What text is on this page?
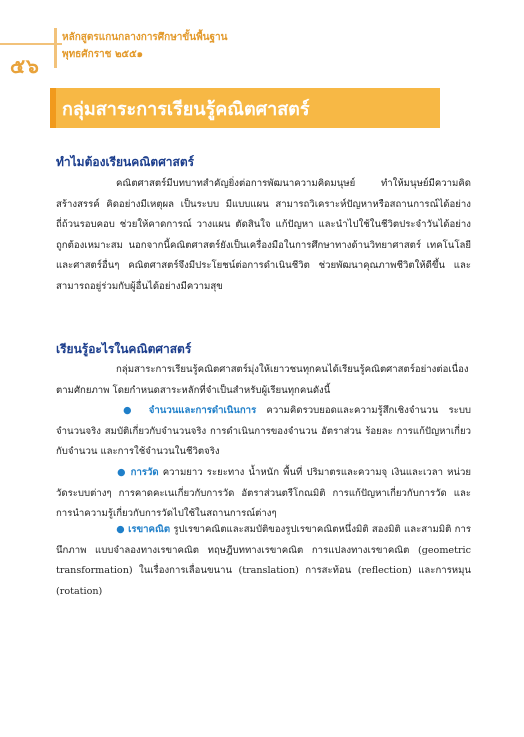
๕๖
หลักสูตรแกนกลางการศึกษาขั้นพื้นฐาน
พุทธศักราช ๒๕๕๑
กลุ่มสาระการเรียนรู้คณิตศาสตร์
ทำไมต้องเรียนคณิตศาสตร์

คณิตศาสตร์มีบทบาทสำคัญยิ่งต่อการพัฒนาความคิดมนุษย์ ทำให้มนุษย์มีความคิดสร้างสรรค์ คิดอย่างมีเหตุผล เป็นระบบ มีแบบแผน สามารถวิเคราะห์ปัญหาหรือสถานการณ์ได้อย่างถี่ถ้วนรอบคอบ ช่วยให้คาดการณ์ วางแผน ตัดสินใจ แก้ปัญหา และนำไปใช้ในชีวิตประจำวันได้อย่างถูกต้องเหมาะสม นอกจากนี้คณิตศาสตร์ยังเป็นเครื่องมือในการศึกษาทางด้านวิทยาศาสตร์ เทคโนโลยีและศาสตร์อื่นๆ คณิตศาสตร์จึงมีประโยชน์ต่อการดำเนินชีวิต ช่วยพัฒนาคุณภาพชีวิตให้ดีขึ้น และสามารถอยู่ร่วมกับผู้อื่นได้อย่างมีความสุข

เรียนรู้อะไรในคณิตศาสตร์

กลุ่มสาระการเรียนรู้คณิตศาสตร์มุ่งให้เยาวชนทุกคนได้เรียนรู้คณิตศาสตร์อย่างต่อเนื่องตามศักยภาพ โดยกำหนดสาระหลักที่จำเป็นสำหรับผู้เรียนทุกคนดังนี้

● จำนวนและการดำเนินการ ความคิดรวบยอดและความรู้สึกเชิงจำนวน ระบบจำนวนจริง สมบัติเกี่ยวกับจำนวนจริง การดำเนินการของจำนวน อัตราส่วน ร้อยละ การแก้ปัญหาเกี่ยวกับจำนวน และการใช้จำนวนในชีวิตจริง

● การวัด ความยาว ระยะทาง น้ำหนัก พื้นที่ ปริมาตรและความจุ เงินและเวลา หน่วยวัดระบบต่างๆ การคาดคะเนเกี่ยวกับการวัด อัตราส่วนตรีโกณมิติ การแก้ปัญหาเกี่ยวกับการวัด และการนำความรู้เกี่ยวกับการวัดไปใช้ในสถานการณ์ต่างๆ

● เรขาคณิต รูปเรขาคณิตและสมบัติของรูปเรขาคณิตหนึ่งมิติ สองมิติ และสามมิติ การนึกภาพ แบบจำลองทางเรขาคณิต ทฤษฎีบททางเรขาคณิต การแปลงทางเรขาคณิต (geometric transformation) ในเรื่องการเลื่อนขนาน (translation) การสะท้อน (reflection) และการหมุน (rotation)
